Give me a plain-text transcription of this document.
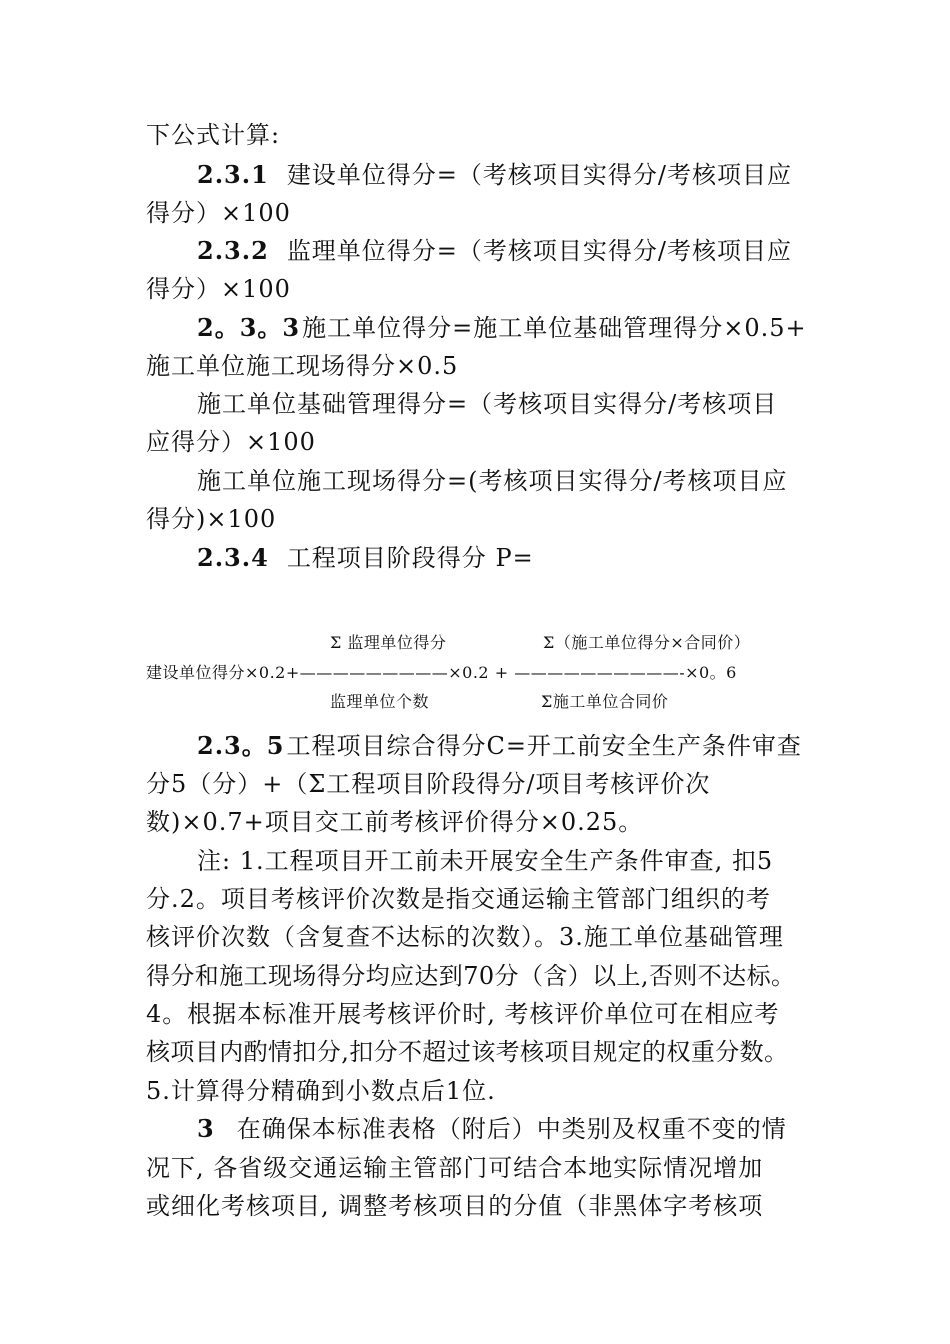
下公式计算:

2.3.1 建设单位得分=（考核项目实得分/考核项目应

得分）×100

2.3.2 监理单位得分=（考核项目实得分/考核项目应

得分）×100

2。3。3施工单位得分=施工单位基础管理得分×0.5+

施工单位施工现场得分×0.5

施工单位基础管理得分=（考核项目实得分/考核项目

应得分）×100

施工单位施工现场得分=(考核项目实得分/考核项目应

得分)×100

2.3.4 工程项目阶段得分 P=

Σ 监理单位得分	Σ（施工单位得分×合同价）

建设单位得分×0.2+—————————×0.2 + ——————————-×0。6

监理单位个数	Σ施工单位合同价

2.3。5工程项目综合得分C=开工前安全生产条件审查

分5（分）+（Σ工程项目阶段得分/项目考核评价次

数)×0.7+项目交工前考核评价得分×0.25。

注: 1.工程项目开工前未开展安全生产条件审查, 扣5

分.2。项目考核评价次数是指交通运输主管部门组织的考

核评价次数（含复查不达标的次数）。3.施工单位基础管理

得分和施工现场得分均应达到70分（含）以上,否则不达标。

4。根据本标准开展考核评价时, 考核评价单位可在相应考

核项目内酌情扣分,扣分不超过该考核项目规定的权重分数。

5.计算得分精确到小数点后1位.

3 在确保本标准表格（附后）中类别及权重不变的情

况下, 各省级交通运输主管部门可结合本地实际情况增加

或细化考核项目, 调整考核项目的分值（非黑体字考核项
